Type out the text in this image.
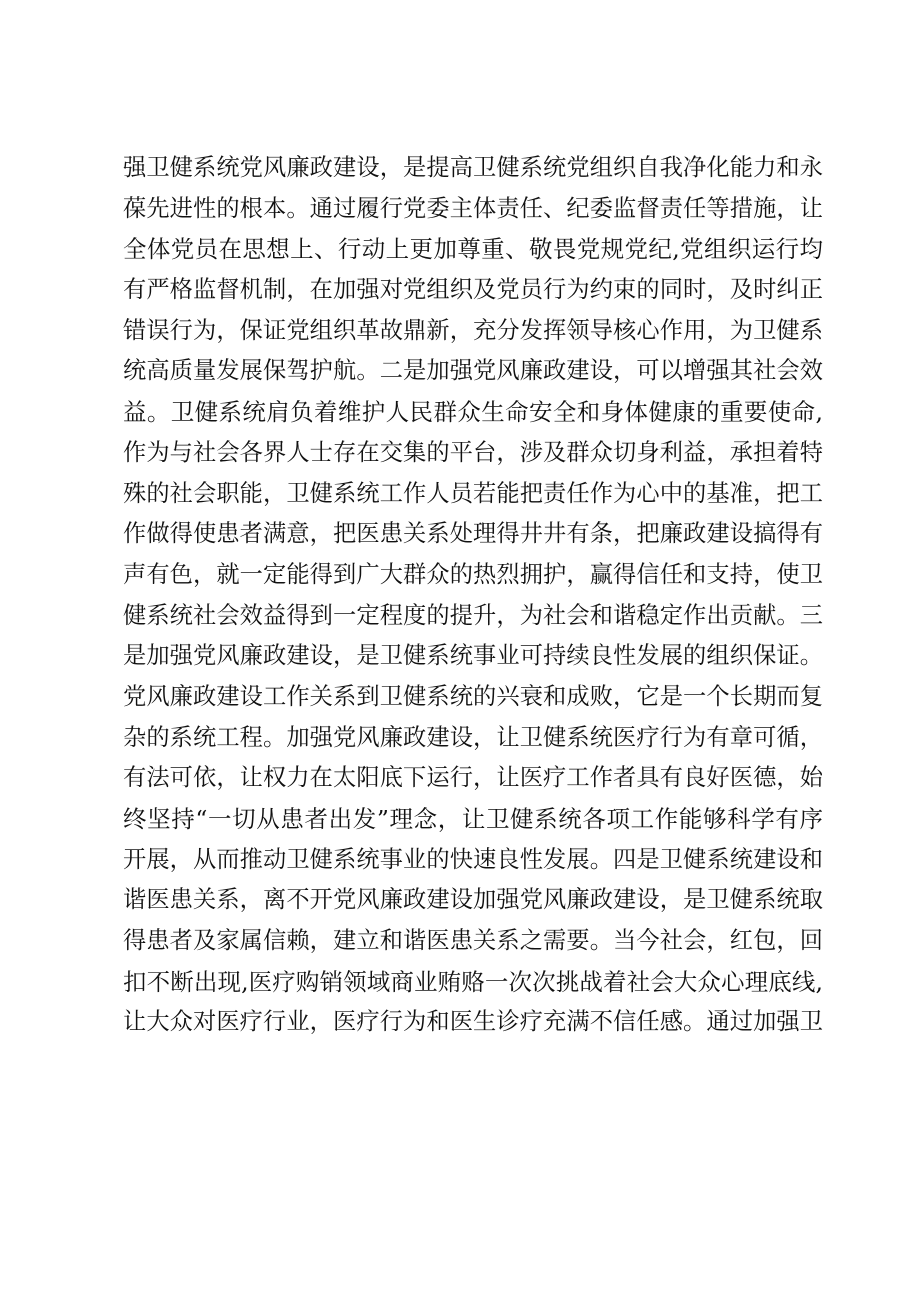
强卫健系统党风廉政建设，是提高卫健系统党组织自我净化能力和永
葆先进性的根本。通过履行党委主体责任、纪委监督责任等措施，让
全体党员在思想上、行动上更加尊重、敬畏党规党纪,党组织运行均
有严格监督机制，在加强对党组织及党员行为约束的同时，及时纠正
错误行为，保证党组织革故鼎新，充分发挥领导核心作用，为卫健系
统高质量发展保驾护航。二是加强党风廉政建设，可以增强其社会效
益。卫健系统肩负着维护人民群众生命安全和身体健康的重要使命,
作为与社会各界人士存在交集的平台，涉及群众切身利益，承担着特
殊的社会职能，卫健系统工作人员若能把责任作为心中的基准，把工
作做得使患者满意，把医患关系处理得井井有条，把廉政建设搞得有
声有色，就一定能得到广大群众的热烈拥护，赢得信任和支持，使卫
健系统社会效益得到一定程度的提升，为社会和谐稳定作出贡献。三
是加强党风廉政建设，是卫健系统事业可持续良性发展的组织保证。
党风廉政建设工作关系到卫健系统的兴衰和成败，它是一个长期而复
杂的系统工程。加强党风廉政建设，让卫健系统医疗行为有章可循，
有法可依，让权力在太阳底下运行，让医疗工作者具有良好医德，始
终坚持“一切从患者出发”理念，让卫健系统各项工作能够科学有序
开展，从而推动卫健系统事业的快速良性发展。四是卫健系统建设和
谐医患关系，离不开党风廉政建设加强党风廉政建设，是卫健系统取
得患者及家属信赖，建立和谐医患关系之需要。当今社会，红包，回
扣不断出现,医疗购销领域商业贿赂一次次挑战着社会大众心理底线,
让大众对医疗行业，医疗行为和医生诊疗充满不信任感。通过加强卫
